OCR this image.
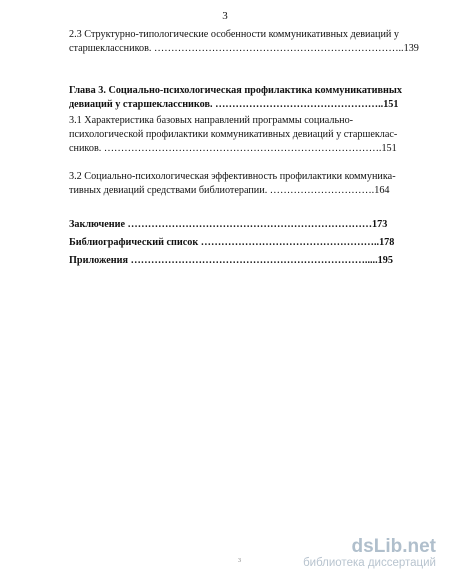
3
2.3 Структурно-типологические особенности коммуникативных девиаций у
старшеклассников. ………………………………………………………………..139
Глава 3. Социально-психологическая профилактика коммуникативных
девиаций у старшеклассников. …………………………………………..151
3.1 Характеристика базовых направлений программы социально-
психологической профилактики коммуникативных девиаций у старшеклас-
сников. ……………………………………………………………………….151
3.2 Социально-психологическая эффективность профилактики коммуника-
тивных девиаций средствами библиотерапии. ………………………….164
Заключение ………………………………………………………………173
Библиографический список ……………………………………………..178
Приложения …………………………………………………………….....195
3
dsLib.net
библиотека диссертаций
